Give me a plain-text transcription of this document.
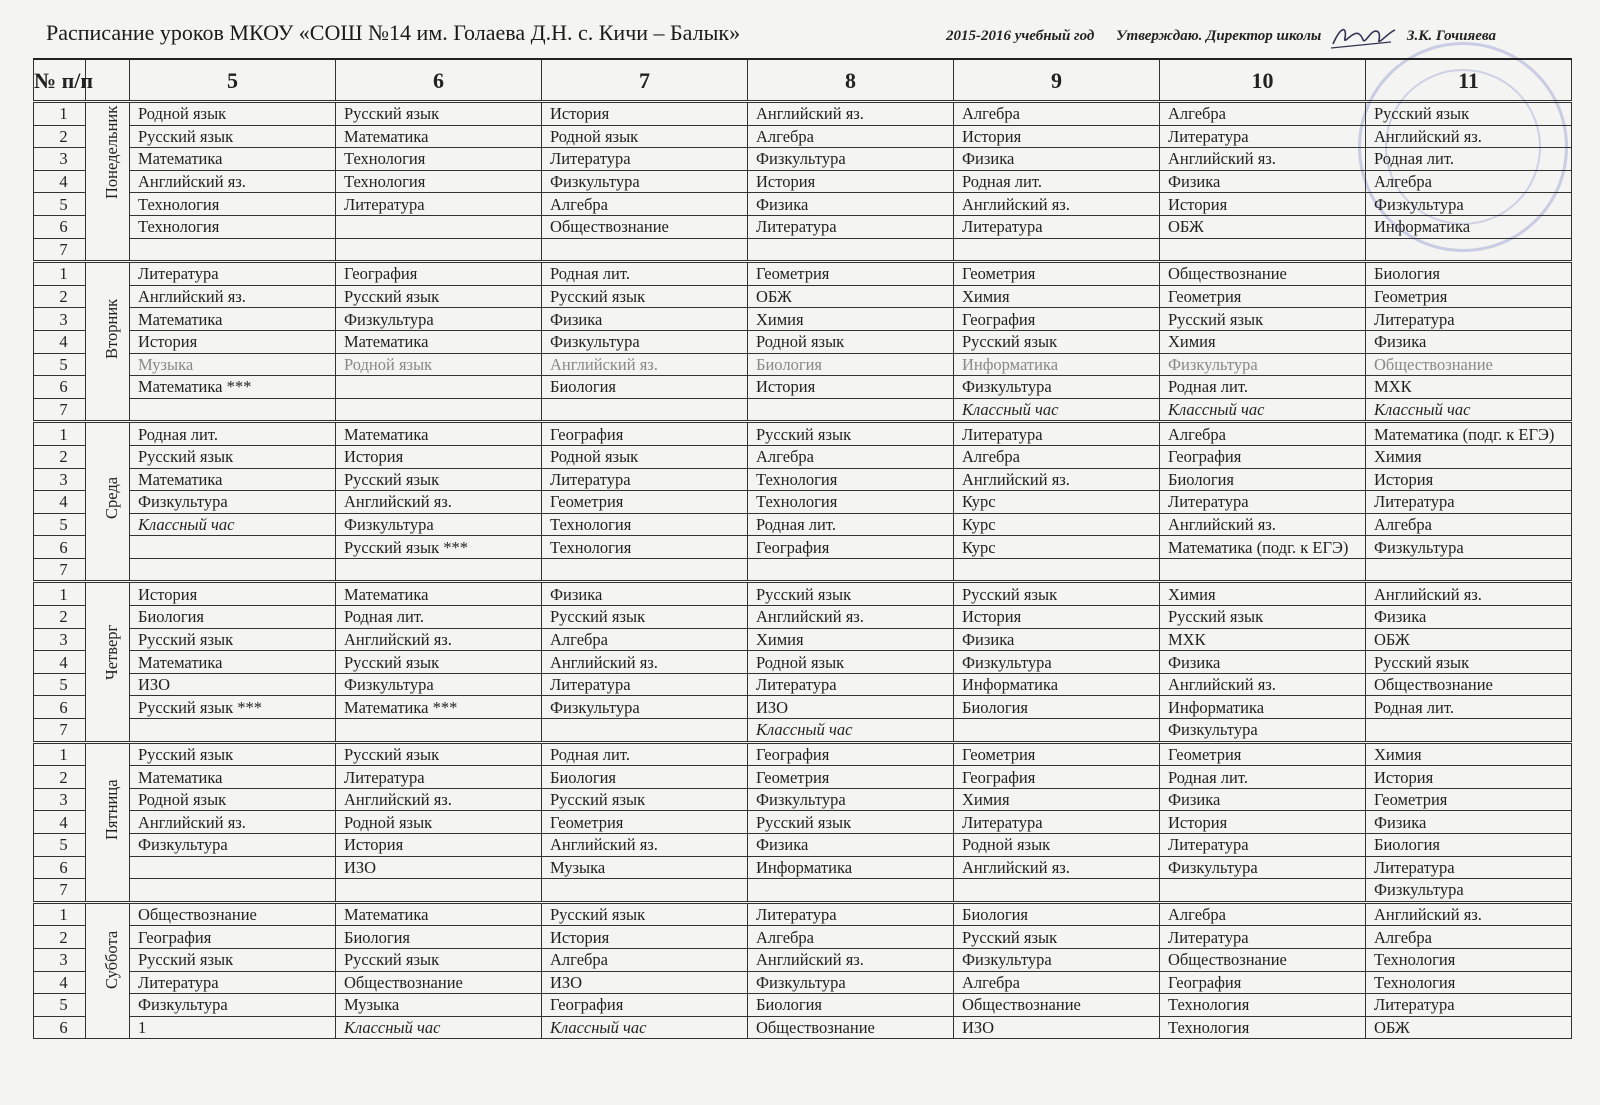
Расписание уроков МКОУ «СОШ №14 им. Голаева Д.Н. с. Кичи – Балык»	2015-2016 учебный год Утверждаю. Директор школы	З.К. Гочияева
№ п/п		5	6	7	8	9	10	11
1	Понедельник	Родной язык	Русский язык	История	Английский яз.	Алгебра	Алгебра	Русский язык
2		Русский язык	Математика	Родной язык	Алгебра	История	Литература	Английский яз.
3		Математика	Технология	Литература	Физкультура	Физика	Английский яз.	Родная лит.
4		Английский яз.	Технология	Физкультура	История	Родная лит.	Физика	Алгебра
5		Технология	Литература	Алгебра	Физика	Английский яз.	История	Физкультура
6		Технология		Обществознание	Литература	Литература	ОБЖ	Информатика
7								
1	Вторник	Литература	География	Родная лит.	Геометрия	Геометрия	Обществознание	Биология
2		Английский яз.	Русский язык	Русский язык	ОБЖ	Химия	Геометрия	Геометрия
3		Математика	Физкультура	Физика	Химия	География	Русский язык	Литература
4		История	Математика	Физкультура	Родной язык	Русский язык	Химия	Физика
5		Музыка	Родной язык	Английский яз.	Биология	Информатика	Физкультура	Обществознание
6		Математика ***		Биология	История	Физкультура	Родная лит.	МХК
7						Классный час	Классный час	Классный час
1	Среда	Родная лит.	Математика	География	Русский язык	Литература	Алгебра	Математика (подг. к ЕГЭ)
2		Русский язык	История	Родной язык	Алгебра	Алгебра	География	Химия
3		Математика	Русский язык	Литература	Технология	Английский яз.	Биология	История
4		Физкультура	Английский яз.	Геометрия	Технология	Курс	Литература	Литература
5		Классный час	Физкультура	Технология	Родная лит.	Курс	Английский яз.	Алгебра
6			Русский язык ***	Технология	География	Курс	Математика (подг. к ЕГЭ)	Физкультура
7								
1	Четверг	История	Математика	Физика	Русский язык	Русский язык	Химия	Английский яз.
2		Биология	Родная лит.	Русский язык	Английский яз.	История	Русский язык	Физика
3		Русский язык	Английский яз.	Алгебра	Химия	Физика	МХК	ОБЖ
4		Математика	Русский язык	Английский яз.	Родной язык	Физкультура	Физика	Русский язык
5		ИЗО	Физкультура	Литература	Литература	Информатика	Английский яз.	Обществознание
6		Русский язык ***	Математика ***	Физкультура	ИЗО	Биология	Информатика	Родная лит.
7					Классный час		Физкультура	
1	Пятница	Русский язык	Русский язык	Родная лит.	География	Геометрия	Геометрия	Химия
2		Математика	Литература	Биология	Геометрия	География	Родная лит.	История
3		Родной язык	Английский яз.	Русский язык	Физкультура	Химия	Физика	Геометрия
4		Английский яз.	Родной язык	Геометрия	Русский язык	Литература	История	Физика
5		Физкультура	История	Английский яз.	Физика	Родной язык	Литература	Биология
6			ИЗО	Музыка	Информатика	Английский яз.	Физкультура	Литература
7								Физкультура
1	Суббота	Обществознание	Математика	Русский язык	Литература	Биология	Алгебра	Английский яз.
2		География	Биология	История	Алгебра	Русский язык	Литература	Алгебра
3		Русский язык	Русский язык	Алгебра	Английский яз.	Физкультура	Обществознание	Технология
4		Литература	Обществознание	ИЗО	Физкультура	Алгебра	География	Технология
5		Физкультура	Музыка	География	Биология	Обществознание	Технология	Литература
6		1	Классный час	Классный час	Обществознание	ИЗО	Технология	ОБЖ
